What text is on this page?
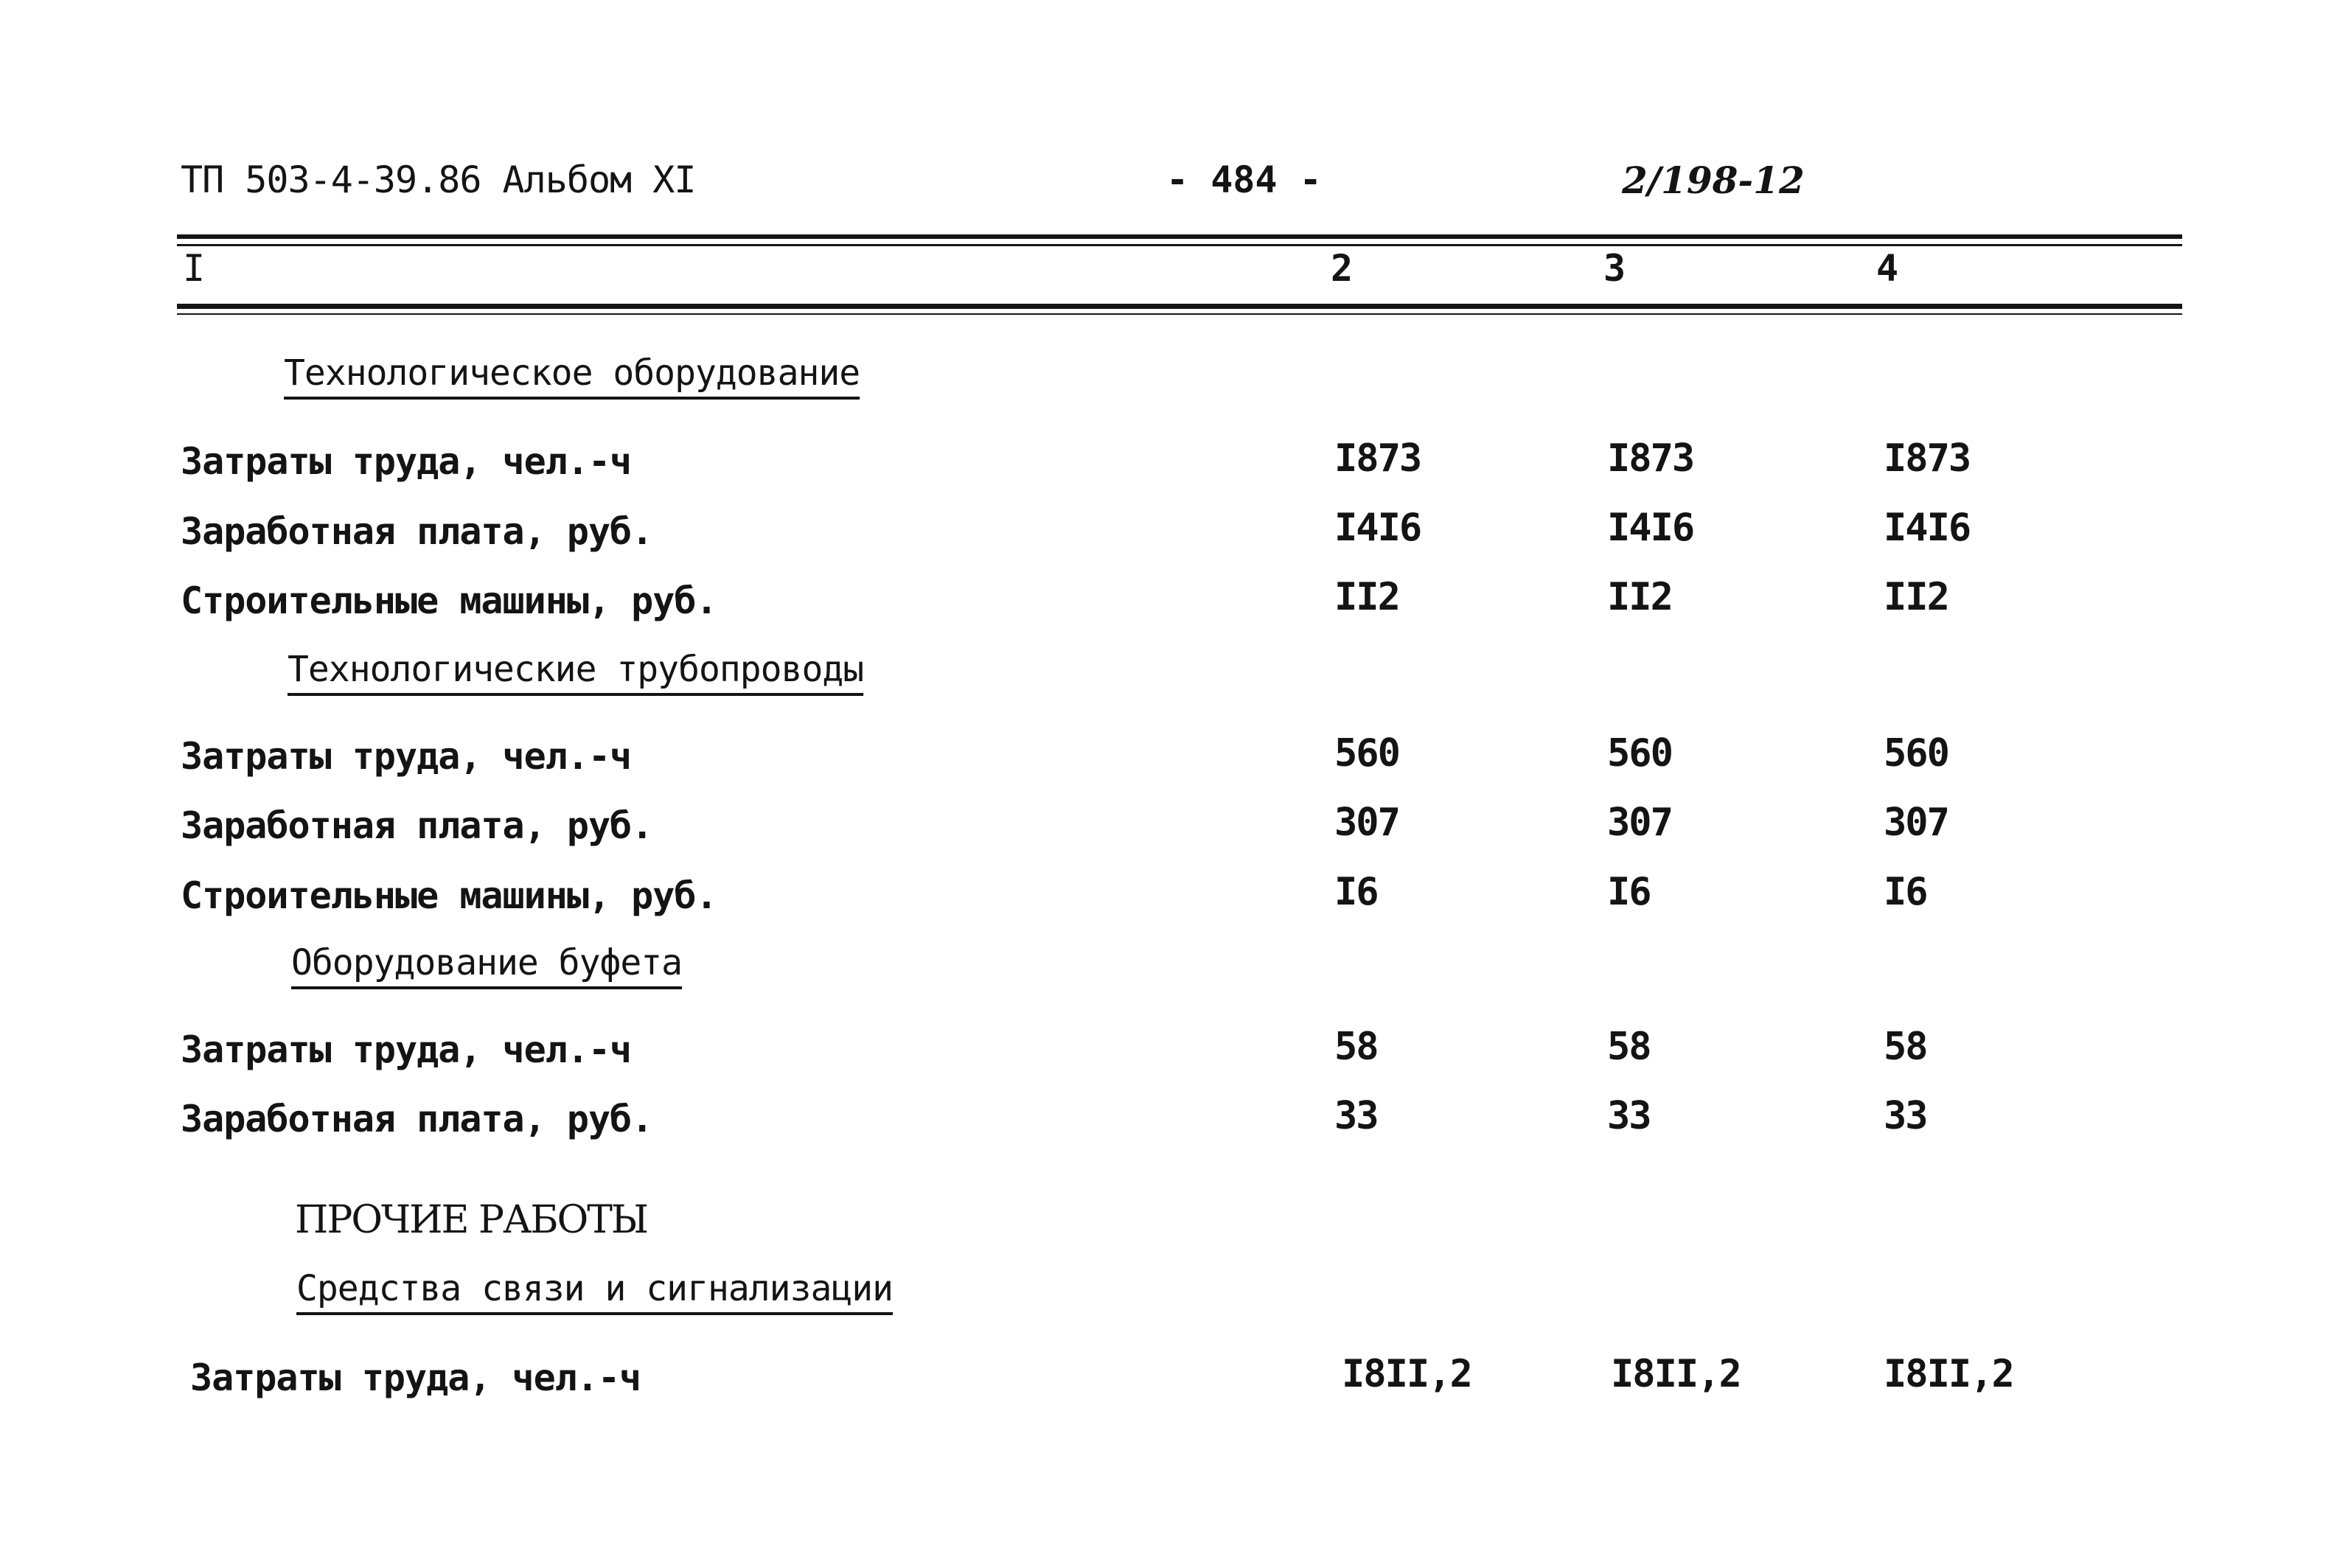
ТП 503-4-39.86 Альбом XI	- 484 -	2/198-12
I	2	3	4
Технологическое оборудование
Затраты труда, чел.-ч	I873	I873	I873
Заработная плата, руб.	I4I6	I4I6	I4I6
Строительные машины, руб.	II2	II2	II2
Технологические трубопроводы
Затраты труда, чел.-ч	560	560	560
Заработная плата, руб.	307	307	307
Строительные машины, руб.	I6	I6	I6
Оборудование буфета
Затраты труда, чел.-ч	58	58	58
Заработная плата, руб.	33	33	33
ПРОЧИЕ РАБОТЫ
Средства связи и сигнализации
Затраты труда, чел.-ч	I8II,2	I8II,2	I8II,2
